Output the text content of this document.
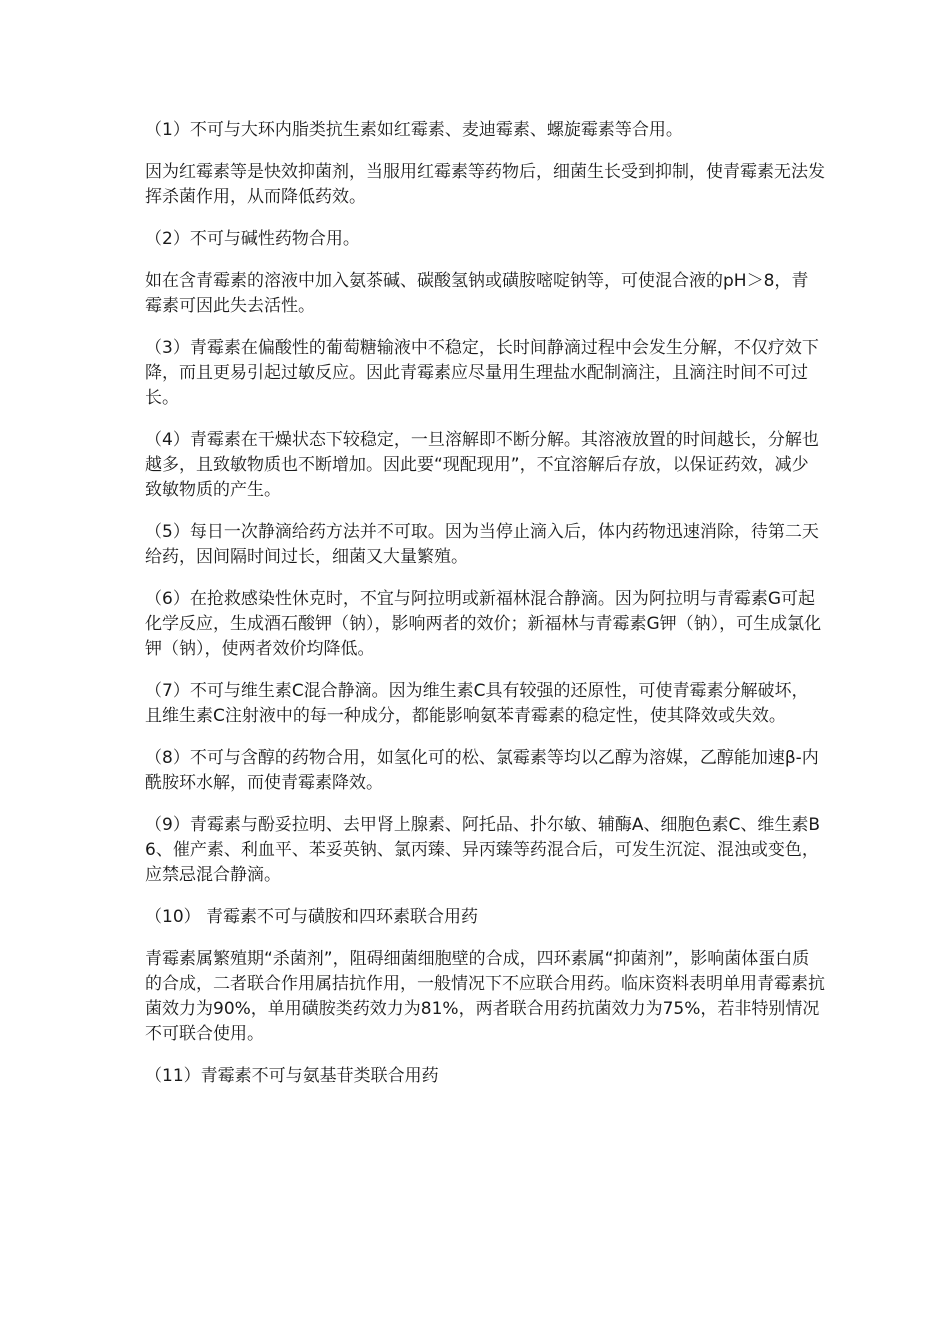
（1）不可与大环内脂类抗生素如红霉素、麦迪霉素、螺旋霉素等合用。

因为红霉素等是快效抑菌剂，当服用红霉素等药物后，细菌生长受到抑制，使青霉素无法发挥杀菌作用，从而降低药效。

（2）不可与碱性药物合用。

如在含青霉素的溶液中加入氨茶碱、碳酸氢钠或磺胺嘧啶钠等，可使混合液的pH＞8，青霉素可因此失去活性。

（3）青霉素在偏酸性的葡萄糖输液中不稳定，长时间静滴过程中会发生分解，不仅疗效下降，而且更易引起过敏反应。因此青霉素应尽量用生理盐水配制滴注，且滴注时间不可过长。

（4）青霉素在干燥状态下较稳定，一旦溶解即不断分解。其溶液放置的时间越长，分解也越多，且致敏物质也不断增加。因此要“现配现用”，不宜溶解后存放，以保证药效，减少致敏物质的产生。

（5）每日一次静滴给药方法并不可取。因为当停止滴入后，体内药物迅速消除，待第二天给药，因间隔时间过长，细菌又大量繁殖。

（6）在抢救感染性休克时，不宜与阿拉明或新福林混合静滴。因为阿拉明与青霉素G可起化学反应，生成酒石酸钾（钠），影响两者的效价；新福林与青霉素G钾（钠），可生成氯化钾（钠），使两者效价均降低。

（7）不可与维生素C混合静滴。因为维生素C具有较强的还原性，可使青霉素分解破坏，且维生素C注射液中的每一种成分，都能影响氨苯青霉素的稳定性，使其降效或失效。

（8）不可与含醇的药物合用，如氢化可的松、氯霉素等均以乙醇为溶媒，乙醇能加速β-内酰胺环水解，而使青霉素降效。

（9）青霉素与酚妥拉明、去甲肾上腺素、阿托品、扑尔敏、辅酶A、细胞色素C、维生素B6、催产素、利血平、苯妥英钠、氯丙臻、异丙臻等药混合后，可发生沉淀、混浊或变色，应禁忌混合静滴。

（10） 青霉素不可与磺胺和四环素联合用药

青霉素属繁殖期“杀菌剂”，阻碍细菌细胞壁的合成，四环素属“抑菌剂”，影响菌体蛋白质的合成，二者联合作用属拮抗作用，一般情况下不应联合用药。临床资料表明单用青霉素抗菌效力为90%，单用磺胺类药效力为81%，两者联合用药抗菌效力为75%，若非特别情况不可联合使用。

（11）青霉素不可与氨基苷类联合用药
